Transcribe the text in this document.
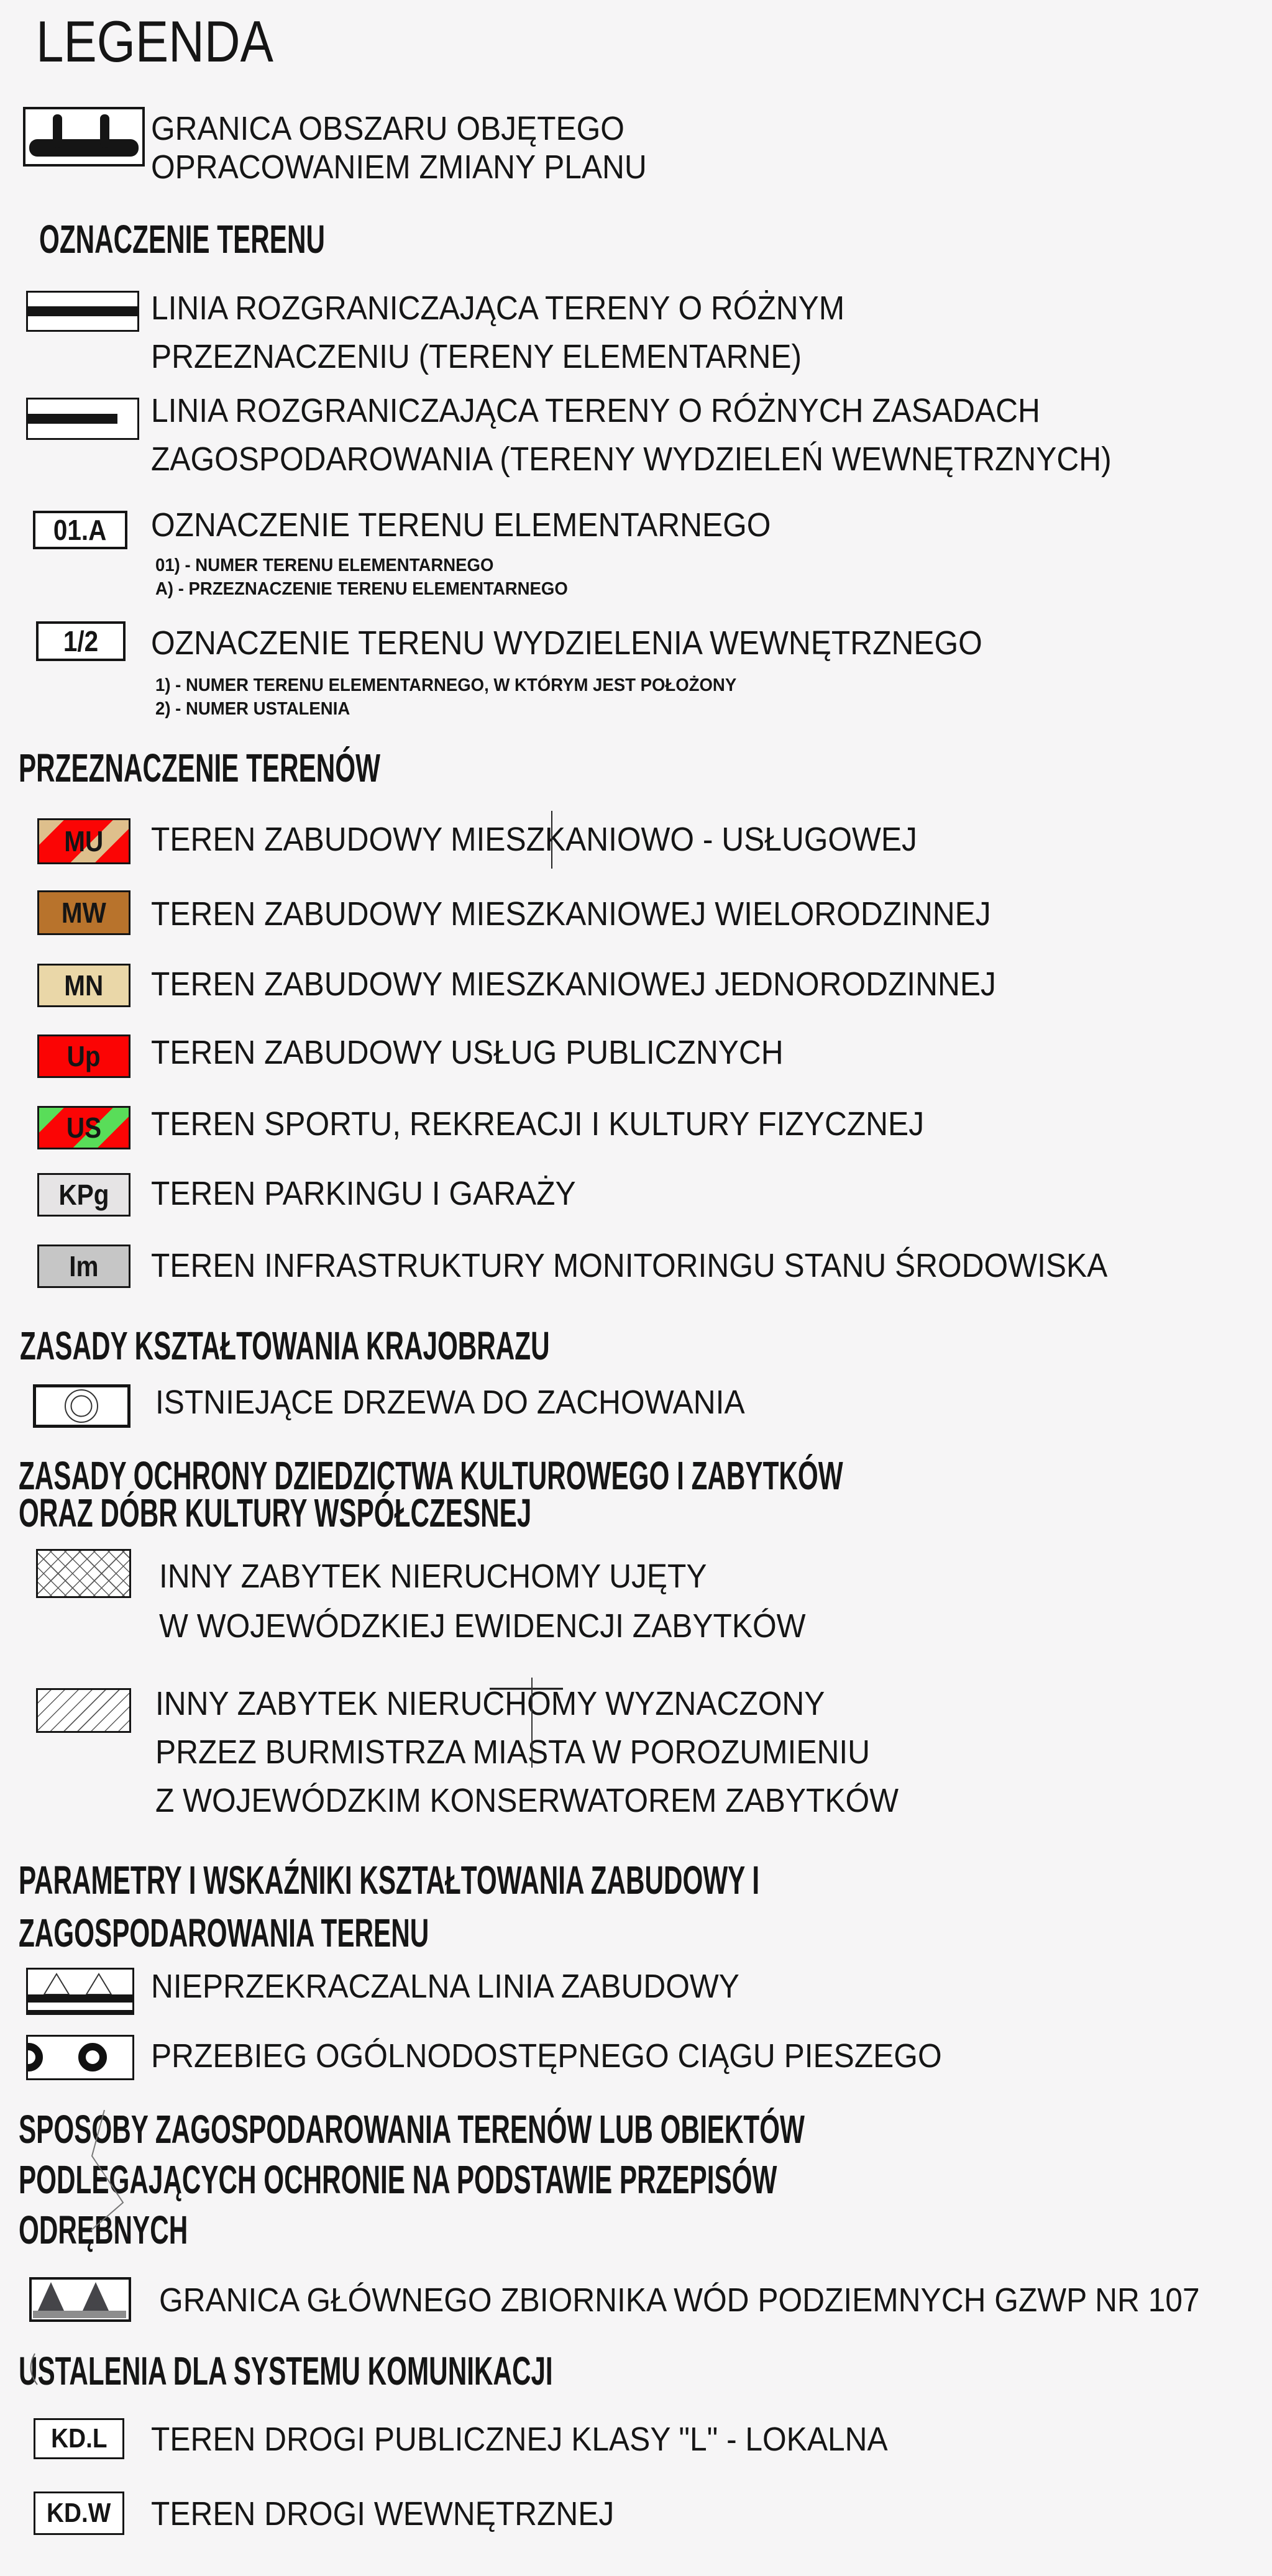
LEGENDA
GRANICA OBSZARU OBJĘTEGO
OPRACOWANIEM ZMIANY PLANU
OZNACZENIE TERENU
LINIA ROZGRANICZAJĄCA TERENY O RÓŻNYM
PRZEZNACZENIU (TERENY ELEMENTARNE)
LINIA ROZGRANICZAJĄCA TERENY O RÓŻNYCH ZASADACH
ZAGOSPODAROWANIA (TERENY WYDZIELEŃ WEWNĘTRZNYCH)
01.A OZNACZENIE TERENU ELEMENTARNEGO
01) - NUMER TERENU ELEMENTARNEGO
A) - PRZEZNACZENIE TERENU ELEMENTARNEGO
1/2 OZNACZENIE TERENU WYDZIELENIA WEWNĘTRZNEGO
1) - NUMER TERENU ELEMENTARNEGO, W KTÓRYM JEST POŁOŻONY
2) - NUMER USTALENIA
PRZEZNACZENIE TERENÓW
MU TEREN ZABUDOWY MIESZKANIOWO - USŁUGOWEJ
MW TEREN ZABUDOWY MIESZKANIOWEJ WIELORODZINNEJ
MN TEREN ZABUDOWY MIESZKANIOWEJ JEDNORODZINNEJ
Up TEREN ZABUDOWY USŁUG PUBLICZNYCH
US TEREN SPORTU, REKREACJI I KULTURY FIZYCZNEJ
KPg TEREN PARKINGU I GARAŻY
Im TEREN INFRASTRUKTURY MONITORINGU STANU ŚRODOWISKA
ZASADY KSZTAŁTOWANIA KRAJOBRAZU
ISTNIEJĄCE DRZEWA DO ZACHOWANIA
ZASADY OCHRONY DZIEDZICTWA KULTUROWEGO I ZABYTKÓW
ORAZ DÓBR KULTURY WSPÓŁCZESNEJ
INNY ZABYTEK NIERUCHOMY UJĘTY
W WOJEWÓDZKIEJ EWIDENCJI ZABYTKÓW
INNY ZABYTEK NIERUCHOMY WYZNACZONY
PRZEZ BURMISTRZA MIASTA W POROZUMIENIU
Z WOJEWÓDZKIM KONSERWATOREM ZABYTKÓW
PARAMETRY I WSKAŹNIKI KSZTAŁTOWANIA ZABUDOWY I
ZAGOSPODAROWANIA TERENU
NIEPRZEKRACZALNA LINIA ZABUDOWY
PRZEBIEG OGÓLNODOSTĘPNEGO CIĄGU PIESZEGO
SPOSOBY ZAGOSPODAROWANIA TERENÓW LUB OBIEKTÓW
PODLEGAJĄCYCH OCHRONIE NA PODSTAWIE PRZEPISÓW
ODRĘBNYCH
GRANICA GŁÓWNEGO ZBIORNIKA WÓD PODZIEMNYCH GZWP NR 107
USTALENIA DLA SYSTEMU KOMUNIKACJI
KD.L TEREN DROGI PUBLICZNEJ KLASY "L" - LOKALNA
KD.W TEREN DROGI WEWNĘTRZNEJ
